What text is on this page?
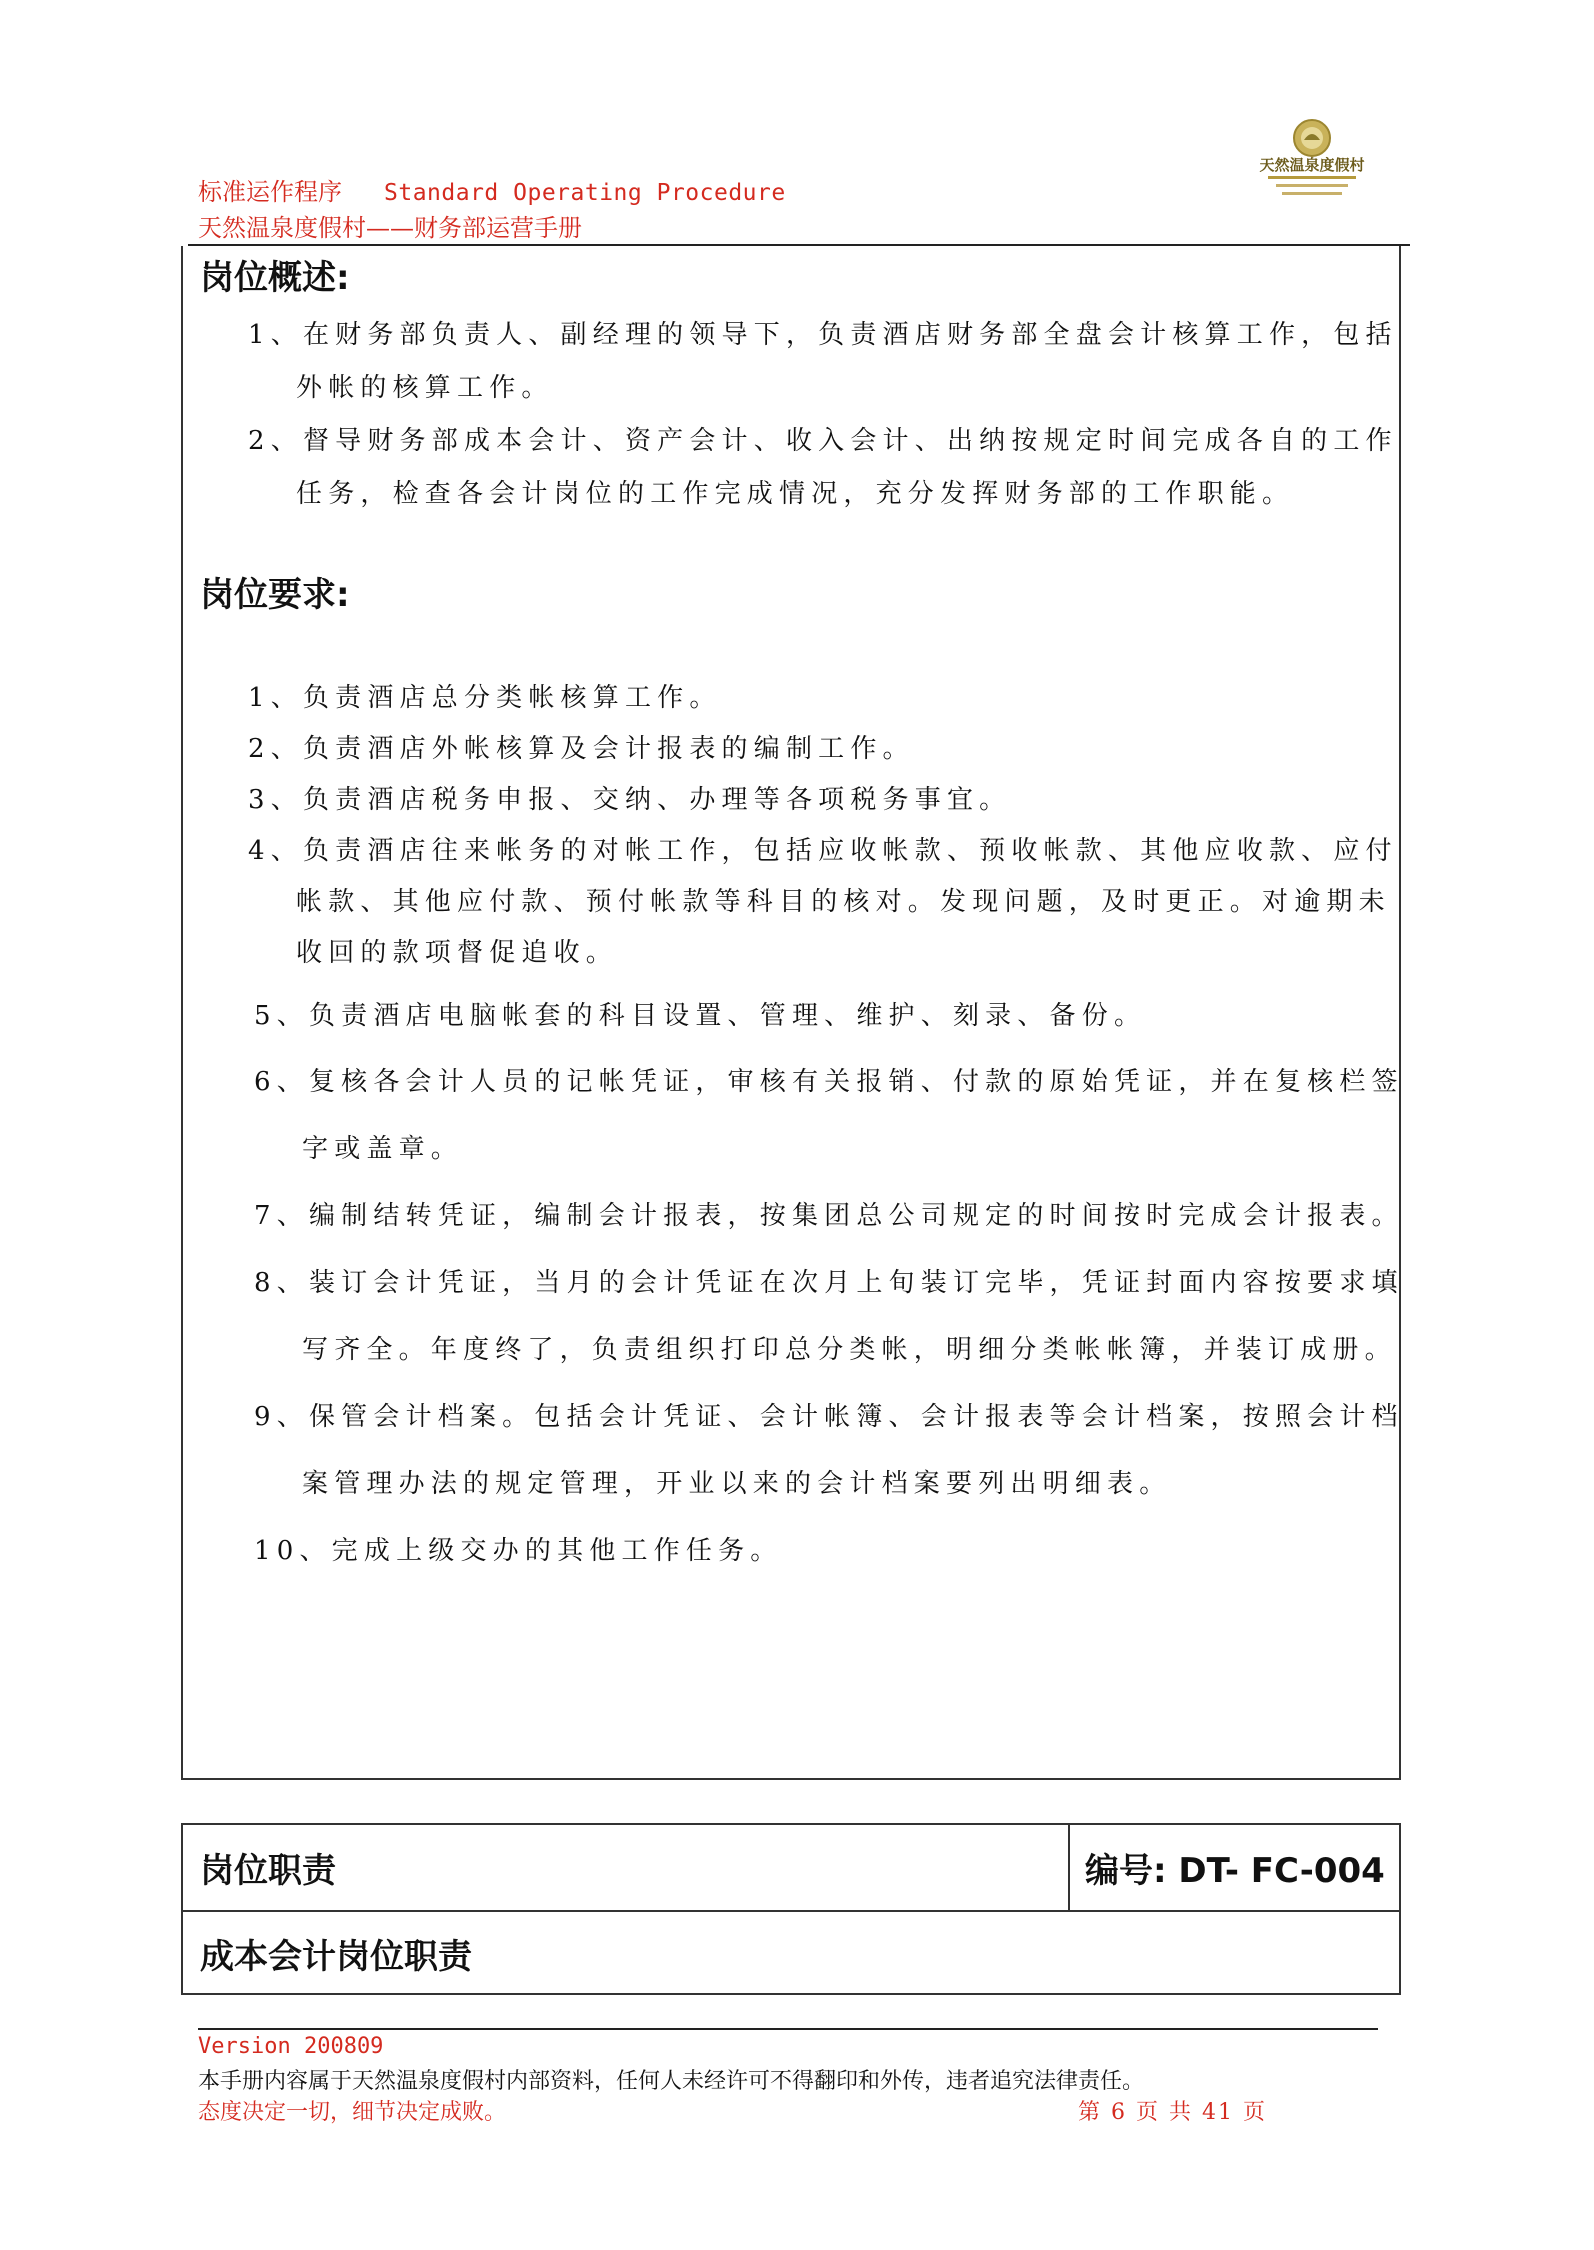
标准运作程序 Standard Operating Procedure
天然温泉度假村——财务部运营手册
天然温泉度假村
岗位概述:
1、在财务部负责人、副经理的领导下，负责酒店财务部全盘会计核算工作，包括
外帐的核算工作。
2、督导财务部成本会计、资产会计、收入会计、出纳按规定时间完成各自的工作
任务，检查各会计岗位的工作完成情况，充分发挥财务部的工作职能。
岗位要求:
1、负责酒店总分类帐核算工作。
2、负责酒店外帐核算及会计报表的编制工作。
3、负责酒店税务申报、交纳、办理等各项税务事宜。
4、负责酒店往来帐务的对帐工作，包括应收帐款、预收帐款、其他应收款、应付
帐款、其他应付款、预付帐款等科目的核对。发现问题，及时更正。对逾期未
收回的款项督促追收。
5、负责酒店电脑帐套的科目设置、管理、维护、刻录、备份。
6、复核各会计人员的记帐凭证，审核有关报销、付款的原始凭证，并在复核栏签
字或盖章。
7、编制结转凭证，编制会计报表，按集团总公司规定的时间按时完成会计报表。
8、装订会计凭证，当月的会计凭证在次月上旬装订完毕，凭证封面内容按要求填
写齐全。年度终了，负责组织打印总分类帐，明细分类帐帐簿，并装订成册。
9、保管会计档案。包括会计凭证、会计帐簿、会计报表等会计档案，按照会计档
案管理办法的规定管理，开业以来的会计档案要列出明细表。
10、完成上级交办的其他工作任务。
岗位职责	编号: DT- FC-004
成本会计岗位职责
Version 200809
本手册内容属于天然温泉度假村内部资料，任何人未经许可不得翻印和外传，违者追究法律责任。
态度决定一切，细节决定成败。	第 6 页 共 41 页
